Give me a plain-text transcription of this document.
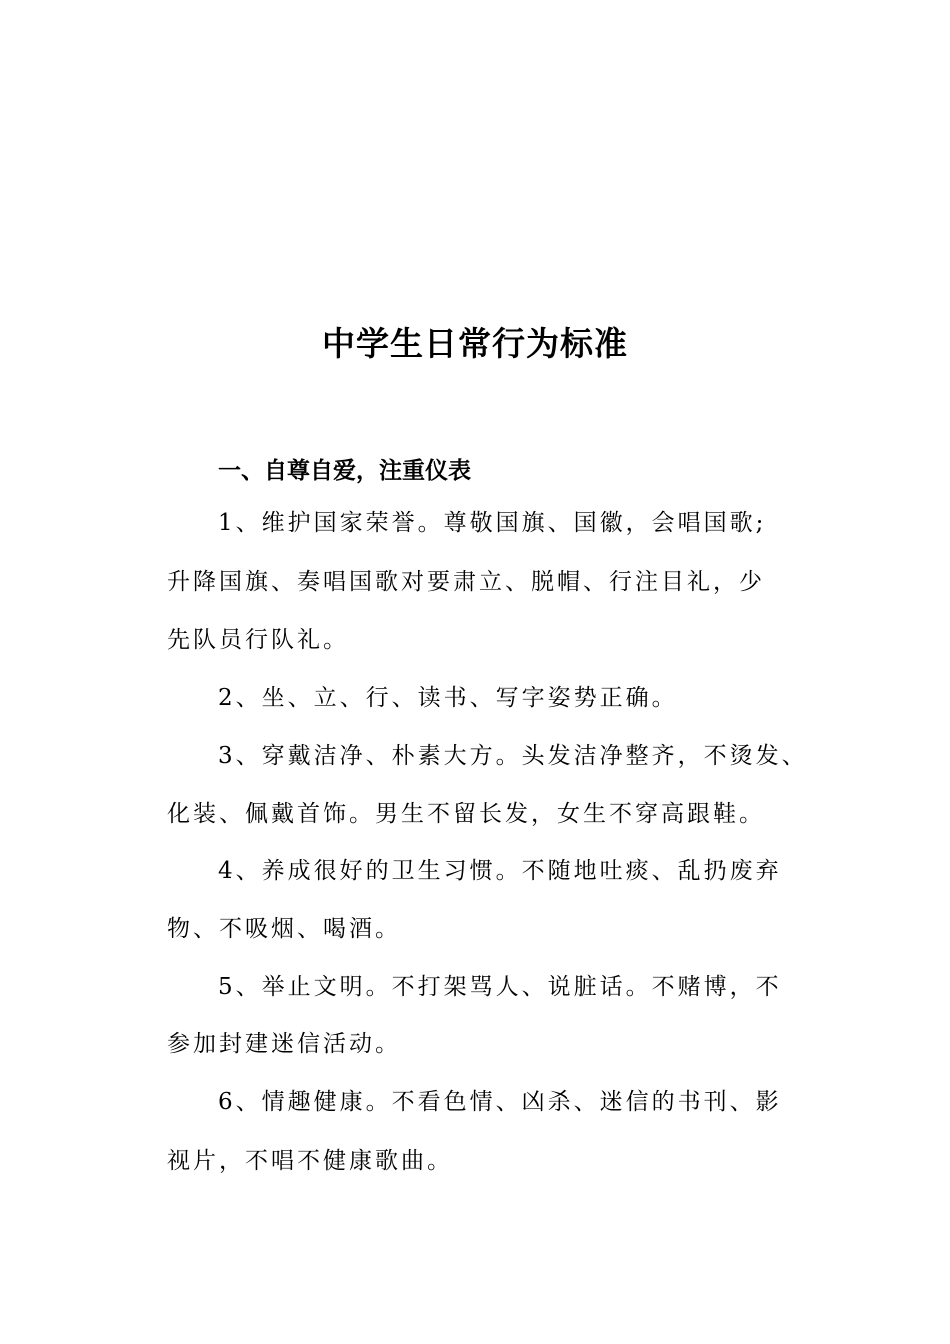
中学生日常行为标准
一、自尊自爱，注重仪表

1、维护国家荣誉。尊敬国旗、国徽，会唱国歌;

升降国旗、奏唱国歌对要肃立、脱帽、行注目礼，少

先队员行队礼。

2、坐、立、行、读书、写字姿势正确。

3、穿戴洁净、朴素大方。头发洁净整齐，不烫发、

化装、佩戴首饰。男生不留长发，女生不穿高跟鞋。

4、养成很好的卫生习惯。不随地吐痰、乱扔废弃

物、不吸烟、喝酒。

5、举止文明。不打架骂人、说脏话。不赌博，不

参加封建迷信活动。

6、情趣健康。不看色情、凶杀、迷信的书刊、影

视片，不唱不健康歌曲。
